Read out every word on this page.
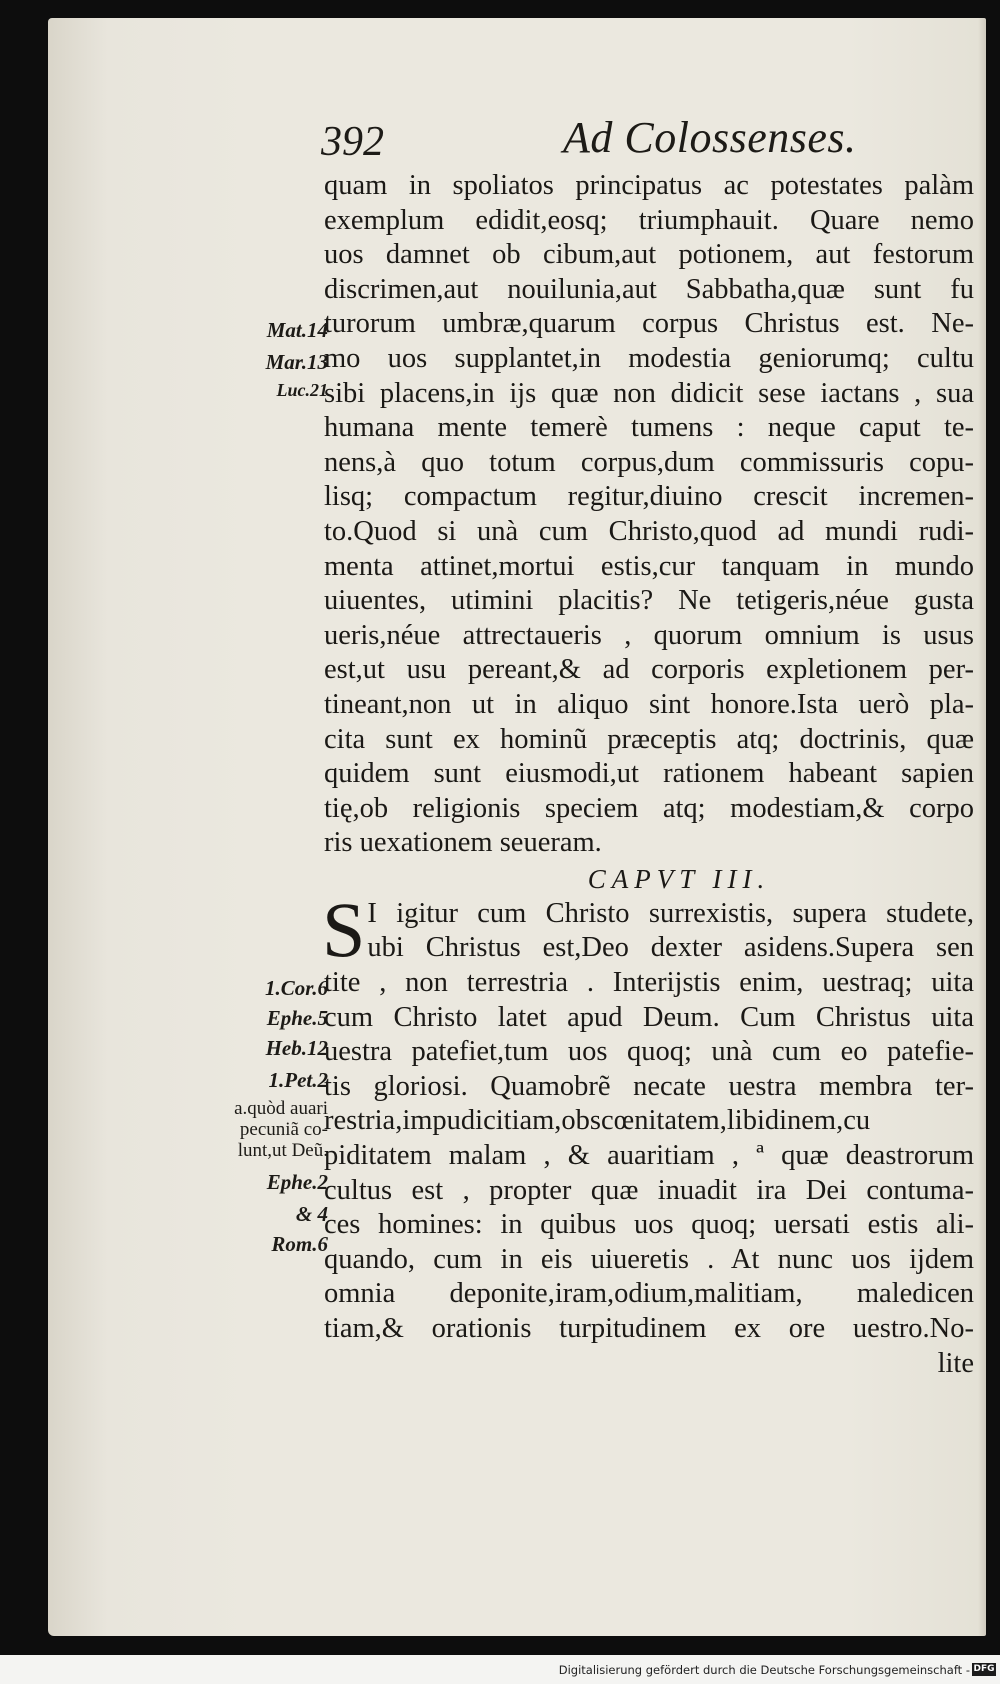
392	Ad Colossenses.
Mat.14
Mar.13
Luc.21
1.Cor.6
Ephe.5
Heb.12
1.Pet.2
a.quòd auari
pecuniã co-
lunt,ut Deũ.
Ephe.2
& 4
Rom.6
quam in spoliatos principatus ac potestates palàm
exemplum edidit,eosq; triumphauit. Quare nemo
uos damnet ob cibum,aut potionem, aut festorum
discrimen,aut nouilunia,aut Sabbatha,quæ sunt fu
turorum umbræ,quarum corpus Christus est. Ne-
mo uos supplantet,in modestia geniorumq; cultu
sibi placens,in ijs quæ non didicit sese iactans , sua
humana mente temerè tumens : neque caput te-
nens,à quo totum corpus,dum commissuris copu-
lisq; compactum regitur,diuino crescit incremen-
to.Quod si unà cum Christo,quod ad mundi rudi-
menta attinet,mortui estis,cur tanquam in mundo
uiuentes, utimini placitis? Ne tetigeris,néue gusta
ueris,néue attrectaueris , quorum omnium is usus
est,ut usu pereant,& ad corporis expletionem per-
tineant,non ut in aliquo sint honore.Ista uerò pla-
cita sunt ex hominũ præceptis atq; doctrinis, quæ
quidem sunt eiusmodi,ut rationem habeant sapien
tię,ob religionis speciem atq; modestiam,& corpo
ris uexationem seueram.
CAPVT III.
S I igitur cum Christo surrexistis, supera studete,
ubi Christus est,Deo dexter asidens.Supera sen
tite , non terrestria . Interijstis enim, uestraq; uita
cum Christo latet apud Deum. Cum Christus uita
uestra patefiet,tum uos quoq; unà cum eo patefie-
tis gloriosi. Quamobrẽ necate uestra membra ter-
restria,impudicitiam,obscœnitatem,libidinem,cu
piditatem malam , & auaritiam , ª quæ deastrorum
cultus est , propter quæ inuadit ira Dei contuma-
ces homines: in quibus uos quoq; uersati estis ali-
quando, cum in eis uiueretis . At nunc uos ijdem
omnia deponite,iram,odium,malitiam, maledicen
tiam,& orationis turpitudinem ex ore uestro.No-
lite
Digitalisierung gefördert durch die Deutsche Forschungsgemeinschaft - DFG
